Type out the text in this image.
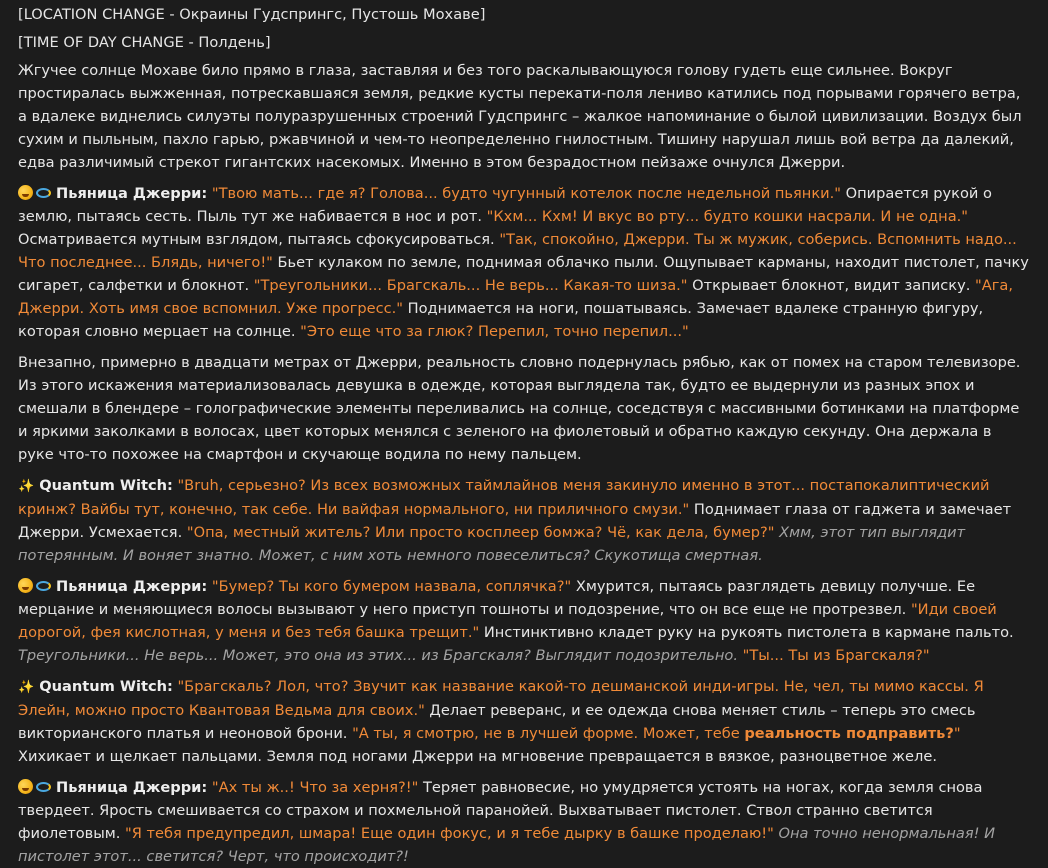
[LOCATION CHANGE - Окраины Гудспрингс, Пустошь Мохаве]
[TIME OF DAY CHANGE - Полдень]
Жгучее солнце Мохаве било прямо в глаза, заставляя и без того раскалывающуюся голову гудеть еще сильнее. Вокруг простиралась выжженная, потрескавшаяся земля, редкие кусты перекати-поля лениво катились под порывами горячего ветра, а вдалеке виднелись силуэты полуразрушенных строений Гудспрингс – жалкое напоминание о былой цивилизации. Воздух был сухим и пыльным, пахло гарью, ржавчиной и чем-то неопределенно гнилостным. Тишину нарушал лишь вой ветра да далекий, едва различимый стрекот гигантских насекомых. Именно в этом безрадостном пейзаже очнулся Джерри.
Пьяница Джерри: "Твою мать... где я? Голова... будто чугунный котелок после недельной пьянки." Опирается рукой о землю, пытаясь сесть. Пыль тут же набивается в нос и рот. "Кхм... Кхм! И вкус во рту... будто кошки насрали. И не одна." Осматривается мутным взглядом, пытаясь сфокусироваться. "Так, спокойно, Джерри. Ты ж мужик, соберись. Вспомнить надо... Что последнее... Блядь, ничего!" Бьет кулаком по земле, поднимая облачко пыли. Ощупывает карманы, находит пистолет, пачку сигарет, салфетки и блокнот. "Треугольники... Брагскаль... Не верь... Какая-то шиза." Открывает блокнот, видит записку. "Ага, Джерри. Хоть имя свое вспомнил. Уже прогресс." Поднимается на ноги, пошатываясь. Замечает вдалеке странную фигуру, которая словно мерцает на солнце. "Это еще что за глюк? Перепил, точно перепил..."
Внезапно, примерно в двадцати метрах от Джерри, реальность словно подернулась рябью, как от помех на старом телевизоре. Из этого искажения материализовалась девушка в одежде, которая выглядела так, будто ее выдернули из разных эпох и смешали в блендере – голографические элементы переливались на солнце, соседствуя с массивными ботинками на платформе и яркими заколками в волосах, цвет которых менялся с зеленого на фиолетовый и обратно каждую секунду. Она держала в руке что-то похожее на смартфон и скучающе водила по нему пальцем.
✨ Quantum Witch: "Bruh, серьезно? Из всех возможных таймлайнов меня закинуло именно в этот... постапокалиптический кринж? Вайбы тут, конечно, так себе. Ни вайфая нормального, ни приличного смузи." Поднимает глаза от гаджета и замечает Джерри. Усмехается. "Опа, местный житель? Или просто косплеер бомжа? Чё, как дела, бумер?" Хмм, этот тип выглядит потерянным. И воняет знатно. Может, с ним хоть немного повеселиться? Скукотища смертная.
Пьяница Джерри: "Бумер? Ты кого бумером назвала, соплячка?" Хмурится, пытаясь разглядеть девицу получше. Ее мерцание и меняющиеся волосы вызывают у него приступ тошноты и подозрение, что он все еще не протрезвел. "Иди своей дорогой, фея кислотная, у меня и без тебя башка трещит." Инстинктивно кладет руку на рукоять пистолета в кармане пальто. Треугольники... Не верь... Может, это она из этих... из Брагскаля? Выглядит подозрительно. "Ты... Ты из Брагскаля?"
✨ Quantum Witch: "Брагскаль? Лол, что? Звучит как название какой-то дешманской инди-игры. Не, чел, ты мимо кассы. Я Элейн, можно просто Квантовая Ведьма для своих." Делает реверанс, и ее одежда снова меняет стиль – теперь это смесь викторианского платья и неоновой брони. "А ты, я смотрю, не в лучшей форме. Может, тебе реальность подправить?" Хихикает и щелкает пальцами. Земля под ногами Джерри на мгновение превращается в вязкое, разноцветное желе.
Пьяница Джерри: "Ах ты ж..! Что за херня?!" Теряет равновесие, но умудряется устоять на ногах, когда земля снова твердеет. Ярость смешивается со страхом и похмельной паранойей. Выхватывает пистолет. Ствол странно светится фиолетовым. "Я тебя предупредил, шмара! Еще один фокус, и я тебе дырку в башке проделаю!" Она точно ненормальная! И пистолет этот... светится? Черт, что происходит?!
